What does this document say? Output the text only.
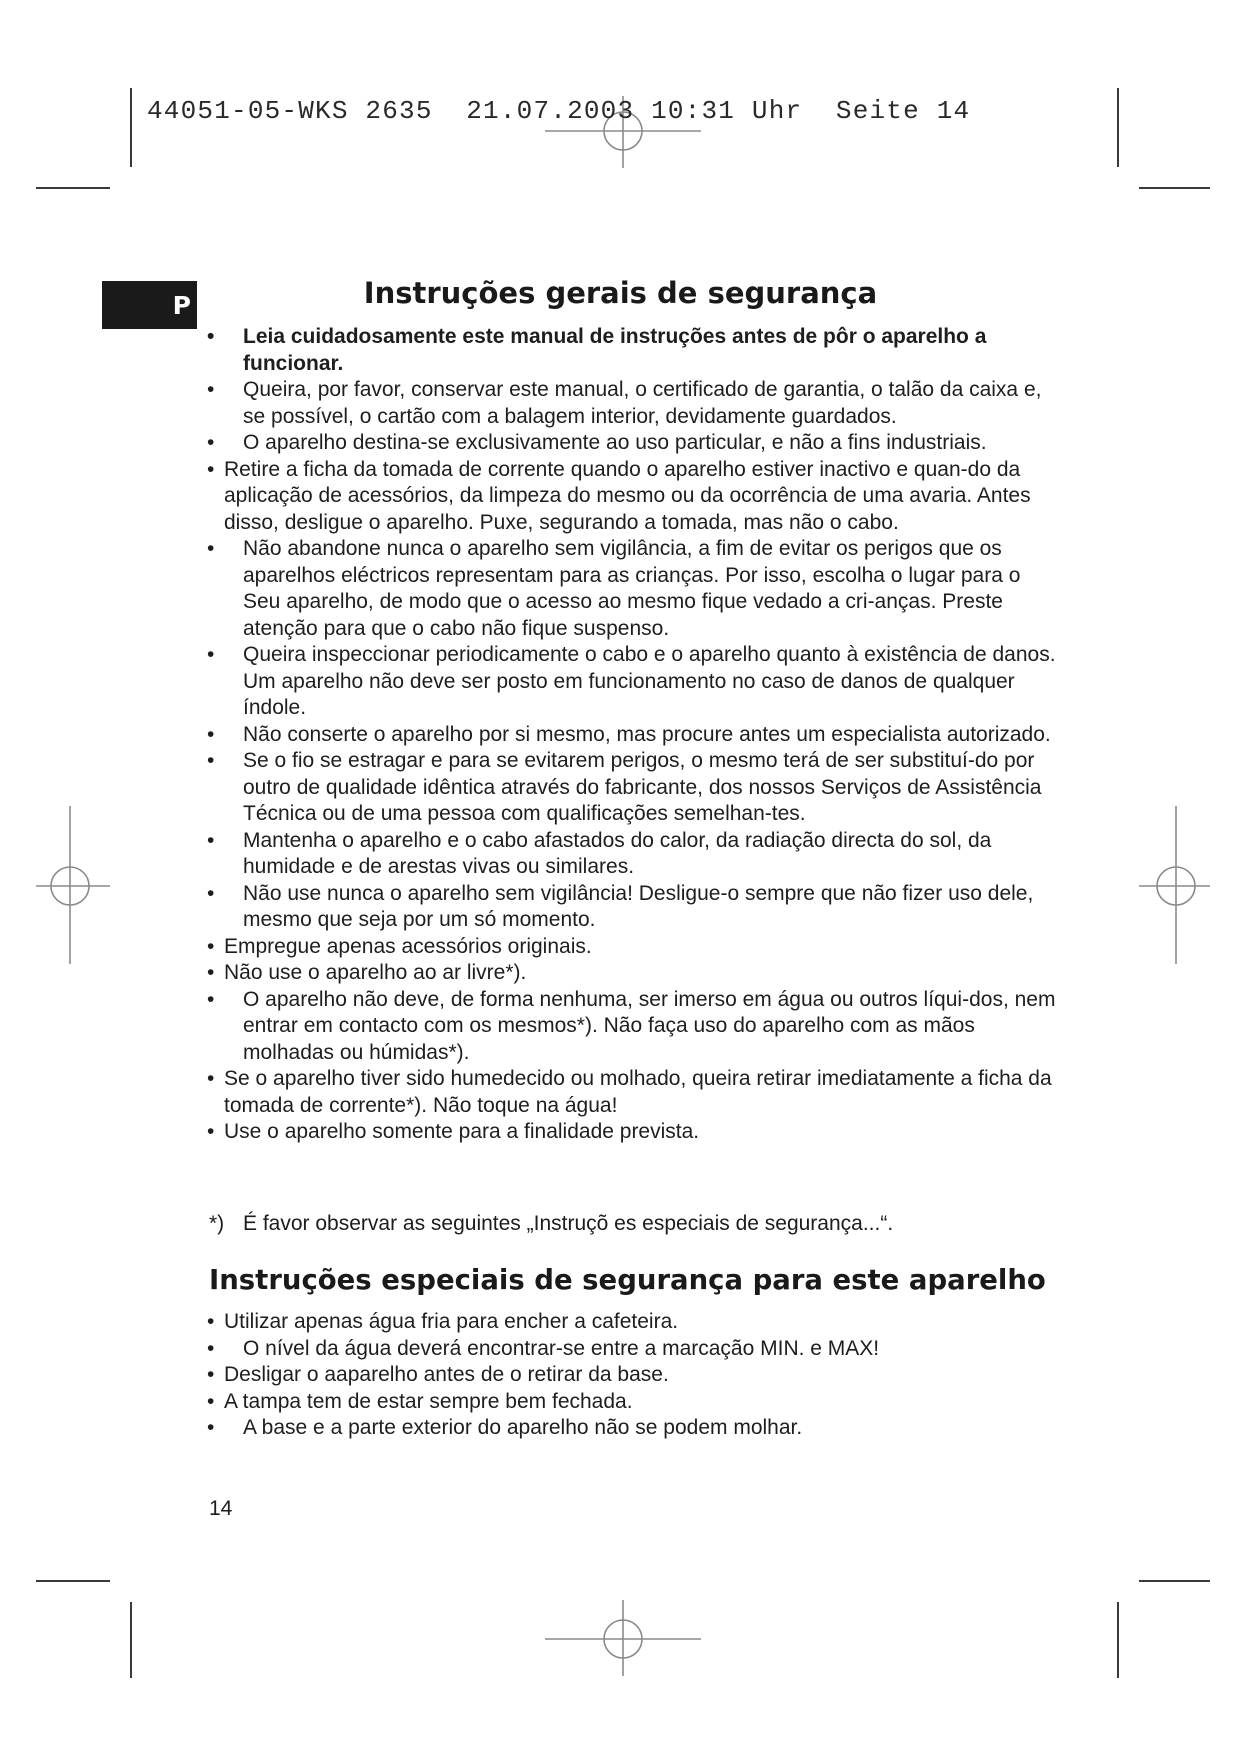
44051-05-WKS 2635  21.07.2003 10:31 Uhr  Seite 14

P	Instruções gerais de segurança
• Leia cuidadosamente este manual de instruções antes de pôr o aparelho a funcionar.
• Queira, por favor, conservar este manual, o certificado de garantia, o talão da caixa e, se possível, o cartão com a balagem interior, devidamente guardados.
• O aparelho destina-se exclusivamente ao uso particular, e não a fins industriais.
• Retire a ficha da tomada de corrente quando o aparelho estiver inactivo e quan-do da aplicação de acessórios, da limpeza do mesmo ou da ocorrência de uma avaria. Antes disso, desligue o aparelho. Puxe, segurando a tomada, mas não o cabo.
• Não abandone nunca o aparelho sem vigilância, a fim de evitar os perigos que os aparelhos eléctricos representam para as crianças. Por isso, escolha o lugar para o Seu aparelho, de modo que o acesso ao mesmo fique vedado a cri-anças. Preste atenção para que o cabo não fique suspenso.
• Queira inspeccionar periodicamente o cabo e o aparelho quanto à existência de danos. Um aparelho não deve ser posto em funcionamento no caso de danos de qualquer índole.
• Não conserte o aparelho por si mesmo, mas procure antes um especialista autorizado.
• Se o fio se estragar e para se evitarem perigos, o mesmo terá de ser substituí-do por outro de qualidade idêntica através do fabricante, dos nossos Serviços de Assistência Técnica ou de uma pessoa com qualificações semelhan-tes.
• Mantenha o aparelho e o cabo afastados do calor, da radiação directa do sol, da humidade e de arestas vivas ou similares.
• Não use nunca o aparelho sem vigilância! Desligue-o sempre que não fizer uso dele, mesmo que seja por um só momento.
• Empregue apenas acessórios originais.
• Não use o aparelho ao ar livre*).
• O aparelho não deve, de forma nenhuma, ser imerso em água ou outros líqui-dos, nem entrar em contacto com os mesmos*). Não faça uso do aparelho com as mãos molhadas ou húmidas*).
• Se o aparelho tiver sido humedecido ou molhado, queira retirar imediatamente a ficha da tomada de corrente*). Não toque na água!
• Use o aparelho somente para a finalidade prevista.

*) É favor observar as seguintes „Instruçõ es especiais de segurança...“.

Instruções especiais de segurança para este aparelho
• Utilizar apenas água fria para encher a cafeteira.
• O nível da água deverá encontrar-se entre a marcação MIN. e MAX!
• Desligar o aaparelho antes de o retirar da base.
• A tampa tem de estar sempre bem fechada.
• A base e a parte exterior do aparelho não se podem molhar.

14
